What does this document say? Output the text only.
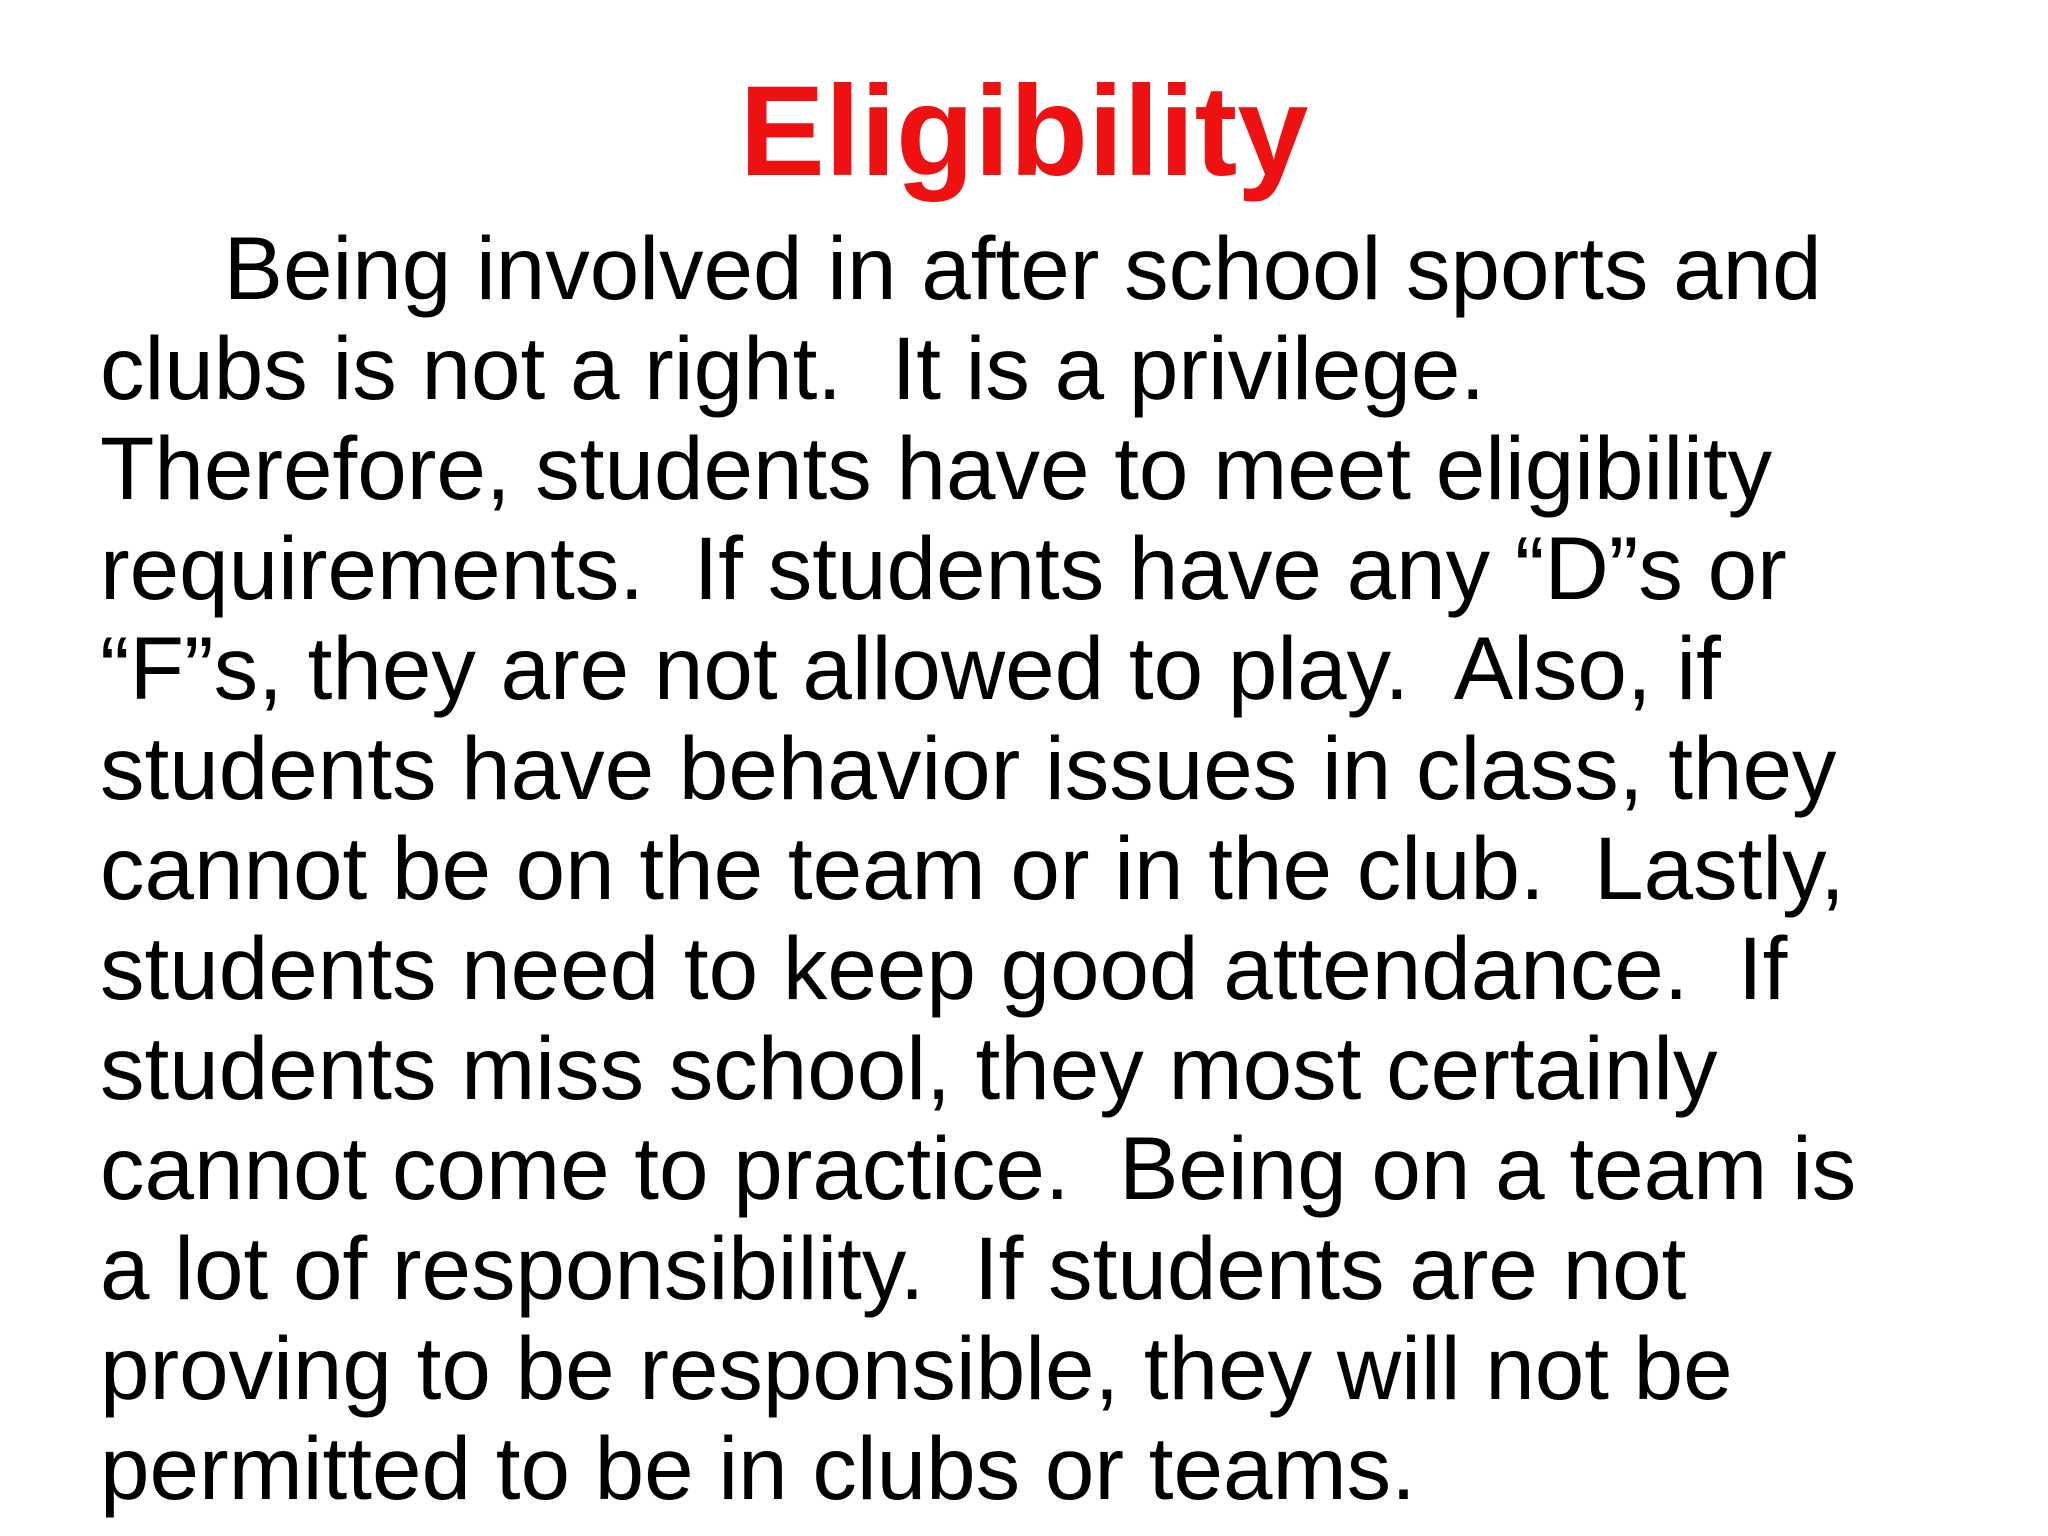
Eligibility
Being involved in after school sports and
clubs is not a right.  It is a privilege.
Therefore, students have to meet eligibility
requirements.  If students have any “D”s or
“F”s, they are not allowed to play.  Also, if
students have behavior issues in class, they
cannot be on the team or in the club.  Lastly,
students need to keep good attendance.  If
students miss school, they most certainly
cannot come to practice.  Being on a team is
a lot of responsibility.  If students are not
proving to be responsible, they will not be
permitted to be in clubs or teams.
